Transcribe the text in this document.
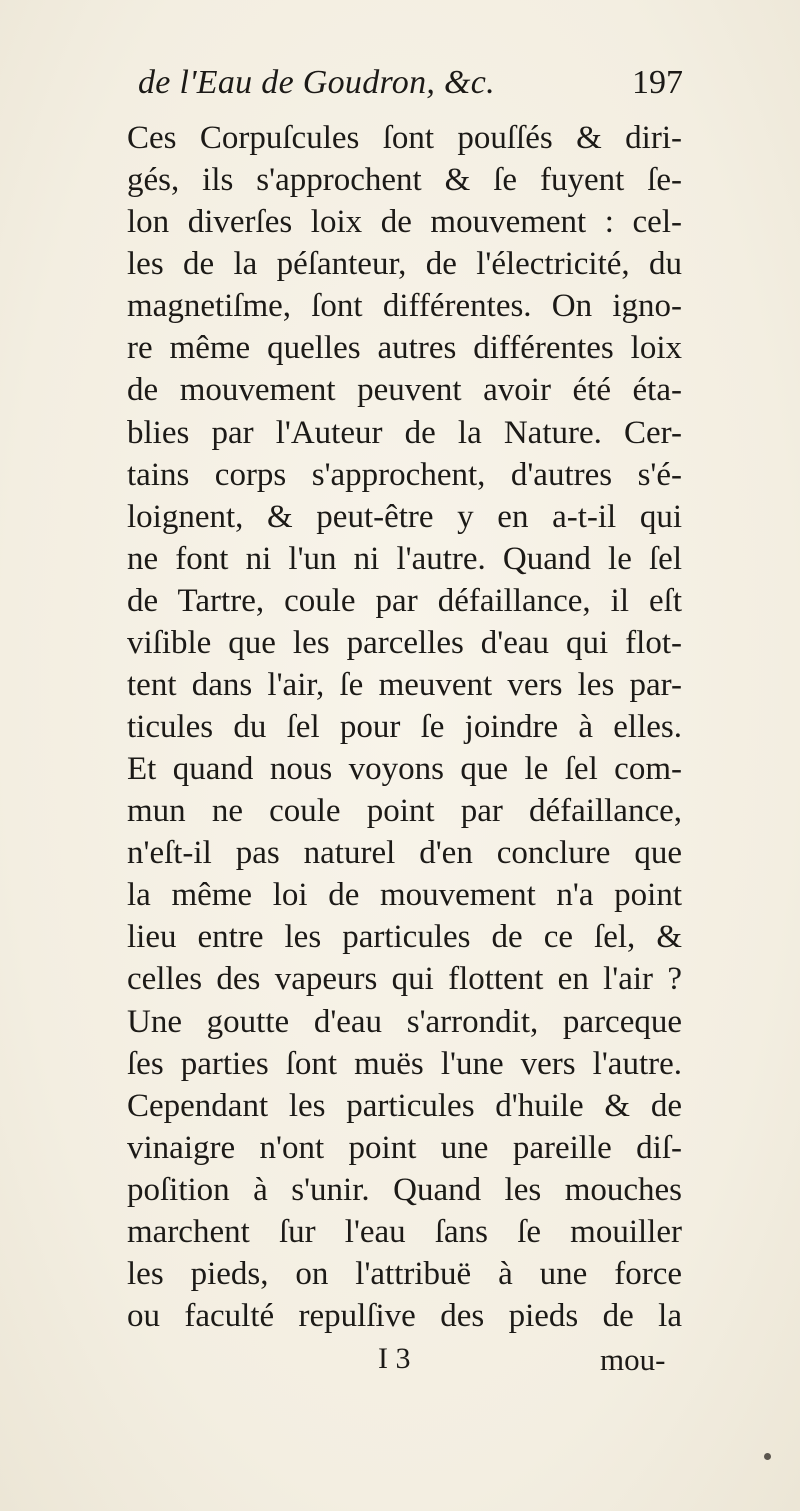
de l'Eau de Goudron, &c.	197
Ces Corpuſcules ſont pouſſés & diri-
gés, ils s'approchent & ſe fuyent ſe-
lon diverſes loix de mouvement : cel-
les de la péſanteur, de l'électricité, du
magnetiſme, ſont différentes. On igno-
re même quelles autres différentes loix
de mouvement peuvent avoir été éta-
blies par l'Auteur de la Nature. Cer-
tains corps s'approchent, d'autres s'é-
loignent, & peut-être y en a-t-il qui
ne font ni l'un ni l'autre. Quand le ſel
de Tartre, coule par défaillance, il eſt
viſible que les parcelles d'eau qui flot-
tent dans l'air, ſe meuvent vers les par-
ticules du ſel pour ſe joindre à elles.
Et quand nous voyons que le ſel com-
mun ne coule point par défaillance,
n'eſt-il pas naturel d'en conclure que
la même loi de mouvement n'a point
lieu entre les particules de ce ſel, &
celles des vapeurs qui flottent en l'air ?
Une goutte d'eau s'arrondit, parceque
ſes parties ſont muës l'une vers l'autre.
Cependant les particules d'huile & de
vinaigre n'ont point une pareille diſ-
poſition à s'unir. Quand les mouches
marchent ſur l'eau ſans ſe mouiller
les pieds, on l'attribuë à une force
ou faculté repulſive des pieds de la
I 3	mou-
